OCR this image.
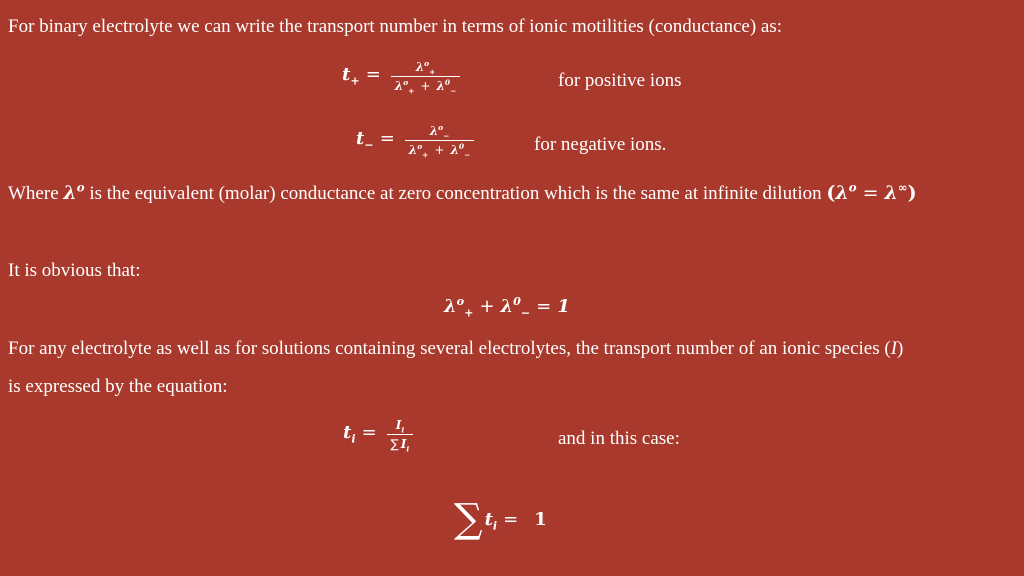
For binary electrolyte we can write the transport number in terms of ionic motilities (conductance) as:
$t_+ = \frac{\lambda^o_+}{\lambda^o_+ + \lambda^0_-}$	for positive ions
$t_- = \frac{\lambda^o_-}{\lambda^o_+ + \lambda^0_-}$	for negative ions.
Where $\lambda^o$ is the equivalent (molar) conductance at zero concentration which is the same at infinite dilution $(\lambda^o = \lambda^\infty)$
It is obvious that:
$\lambda^o_+ + \lambda^0_- = 1$
For any electrolyte as well as for solutions containing several electrolytes, the transport number of an ionic species (I)
is expressed by the equation:
$t_i = \frac{I_i}{\sum I_i}$	and in this case:
∑ $t_i = 1$
